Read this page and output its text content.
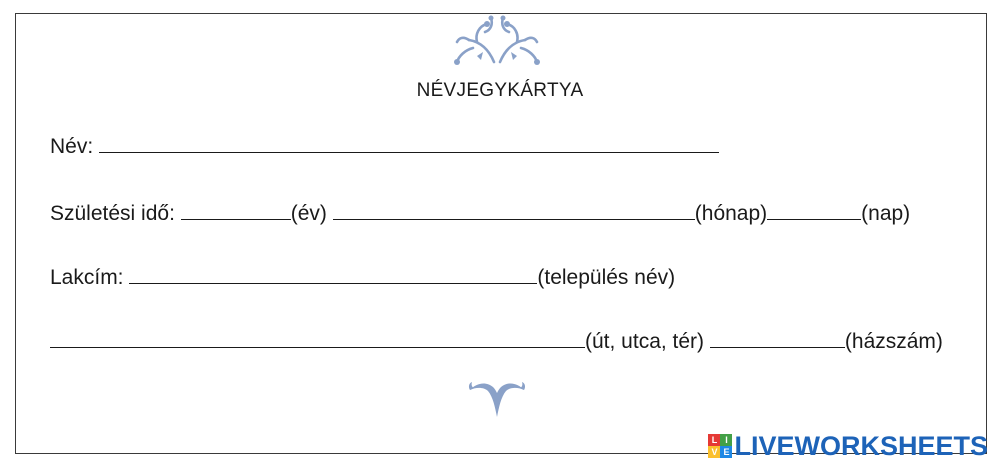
NÉVJEGYKÁRTYA
Név:
Születési idő:	(év)	(hónap)	(nap)
Lakcím:	(település név)
(út, utca, tér)	(házszám)
L I
V E LIVEWORKSHEETS
